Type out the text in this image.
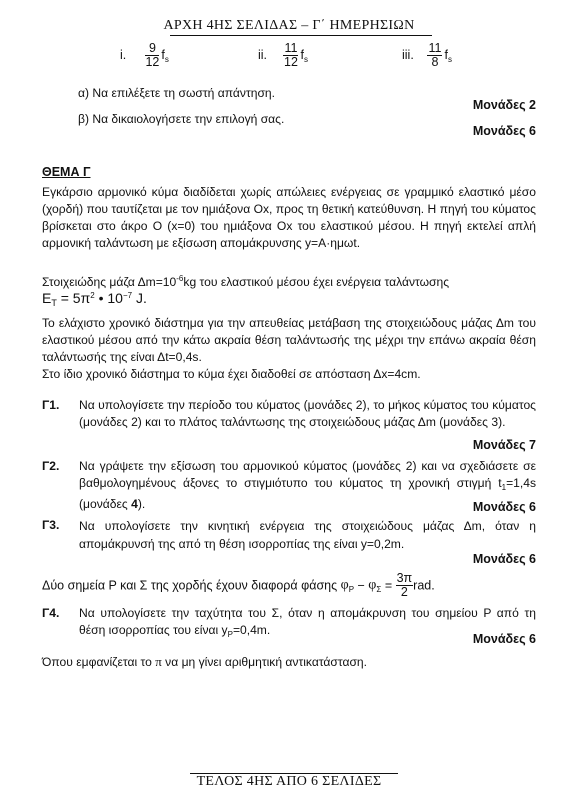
ΑΡΧΗ 4ΗΣ ΣΕΛΙΔΑΣ – Γ΄ ΗΜΕΡΗΣΙΩΝ
i. $\frac{9}{12} f_s$	ii. $\frac{11}{12} f_s$	iii. $\frac{11}{8} f_s$
α) Να επιλέξετε τη σωστή απάντηση.
Μονάδες 2
β) Να δικαιολογήσετε την επιλογή σας.
Μονάδες 6
ΘΕΜΑ Γ
Εγκάρσιο αρμονικό κύμα διαδίδεται χωρίς απώλειες ενέργειας σε γραμμικό ελαστικό μέσο (χορδή) που ταυτίζεται με τον ημιάξονα Οx, προς τη θετική κατεύθυνση. Η πηγή του κύματος βρίσκεται στο άκρο Ο (x=0) του ημιάξονα Οx του ελαστικού μέσου. Η πηγή εκτελεί απλή αρμονική ταλάντωση με εξίσωση απομάκρυνσης y=A·ημωt.
Στοιχειώδης μάζα $\Delta m=10^{-6}kg$ του ελαστικού μέσου έχει ενέργεια ταλάντωσης
$E_T = 5\pi^2$ • $10^{-7}$ J.
Το ελάχιστο χρονικό διάστημα για την απευθείας μετάβαση της στοιχειώδους μάζας Δm του ελαστικού μέσου από την κάτω ακραία θέση ταλάντωσής της μέχρι την επάνω ακραία θέση ταλάντωσής της είναι Δt=0,4s.
Στο ίδιο χρονικό διάστημα το κύμα έχει διαδοθεί σε απόσταση Δx=4cm.
Γ1. Να υπολογίσετε την περίοδο του κύματος (μονάδες 2), το μήκος κύματος του κύματος (μονάδες 2) και το πλάτος ταλάντωσης της στοιχειώδους μάζας Δm (μονάδες 3).
Μονάδες 7
Γ2. Να γράψετε την εξίσωση του αρμονικού κύματος (μονάδες 2) και να σχεδιάσετε σε βαθμολογημένους άξονες το στιγμιότυπο του κύματος τη χρονική στιγμή $t_1=1,4s$ (μονάδες 4).	Μονάδες 6
Γ3. Να υπολογίσετε την κινητική ενέργεια της στοιχειώδους μάζας Δm, όταν η απομάκρυνσή της από τη θέση ισορροπίας της είναι y=0,2m.
Μονάδες 6
Δύο σημεία Ρ και Σ της χορδής έχουν διαφορά φάσης $\varphi_P - \varphi_\Sigma = \frac{3\pi}{2}$ rad.
Γ4. Να υπολογίσετε την ταχύτητα του Σ, όταν η απομάκρυνση του σημείου Ρ από τη θέση ισορροπίας του είναι $y_P=0,4m$.
Μονάδες 6
Όπου εμφανίζεται το π να μη γίνει αριθμητική αντικατάσταση.
ΤΕΛΟΣ 4ΗΣ ΑΠΟ 6 ΣΕΛΙΔΕΣ
